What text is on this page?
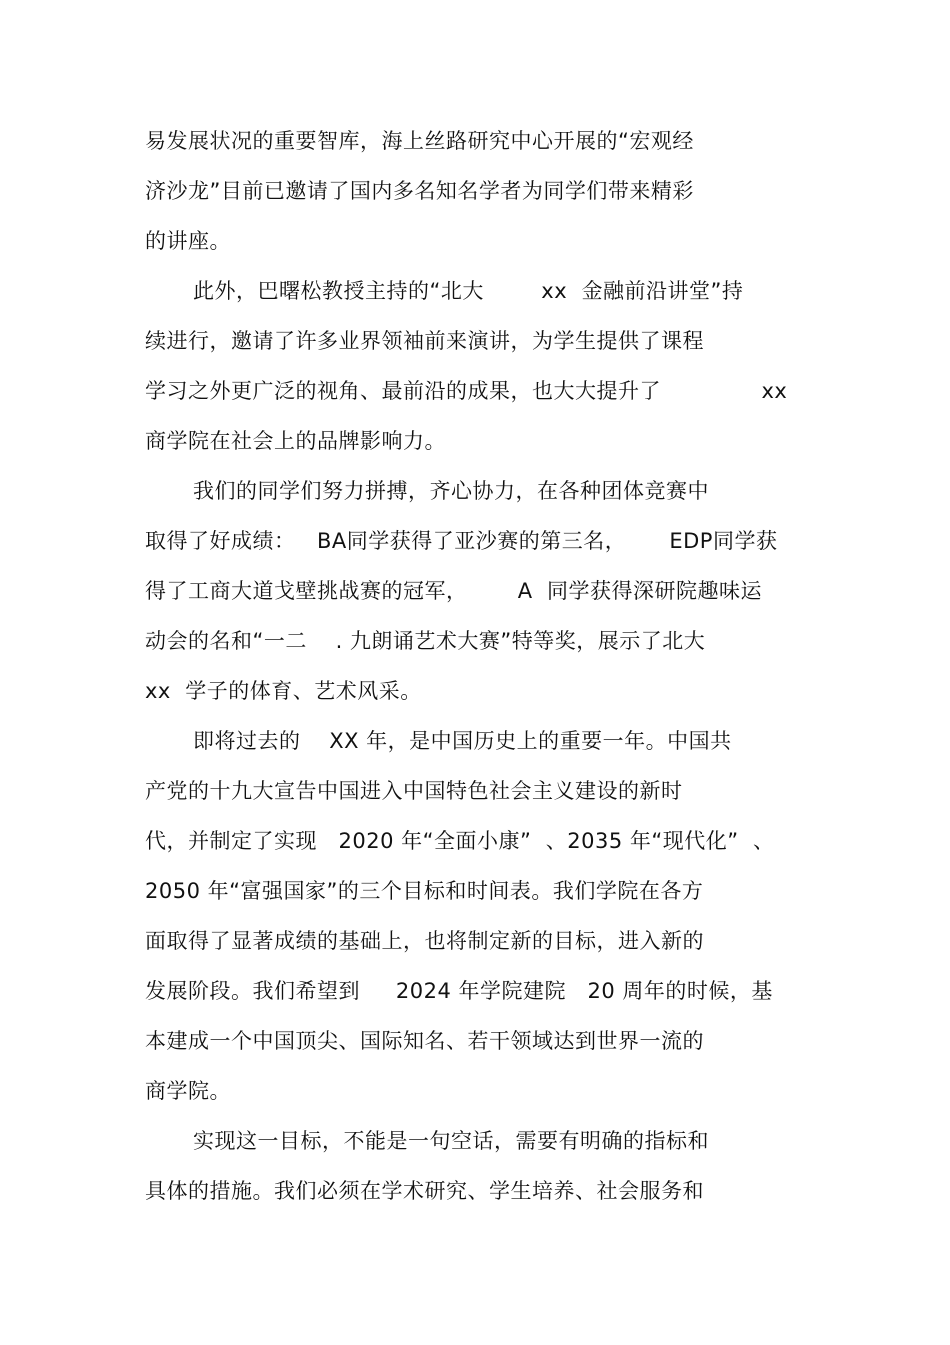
易发展状况的重要智库，海上丝路研究中心开展的“宏观经
济沙龙”目前已邀请了国内多名知名学者为同学们带来精彩
的讲座。
此外，巴曙松教授主持的“北大        xx  金融前沿讲堂”持
续进行，邀请了许多业界领袖前来演讲，为学生提供了课程
学习之外更广泛的视角、最前沿的成果，也大大提升了              xx
商学院在社会上的品牌影响力。
我们的同学们努力拼搏，齐心协力，在各种团体竞赛中
取得了好成绩：   BA同学获得了亚沙赛的第三名，      EDP同学获
得了工商大道戈壁挑战赛的冠军，       A  同学获得深研院趣味运
动会的名和“一二    . 九朗诵艺术大赛”特等奖，展示了北大
xx  学子的体育、艺术风采。
即将过去的    XX 年，是中国历史上的重要一年。中国共
产党的十九大宣告中国进入中国特色社会主义建设的新时
代，并制定了实现   2020 年“全面小康”  、2035 年“现代化”  、
2050 年“富强国家”的三个目标和时间表。我们学院在各方
面取得了显著成绩的基础上，也将制定新的目标，进入新的
发展阶段。我们希望到     2024 年学院建院   20 周年的时候，基
本建成一个中国顶尖、国际知名、若干领域达到世界一流的
商学院。
实现这一目标，不能是一句空话，需要有明确的指标和
具体的措施。我们必须在学术研究、学生培养、社会服务和
